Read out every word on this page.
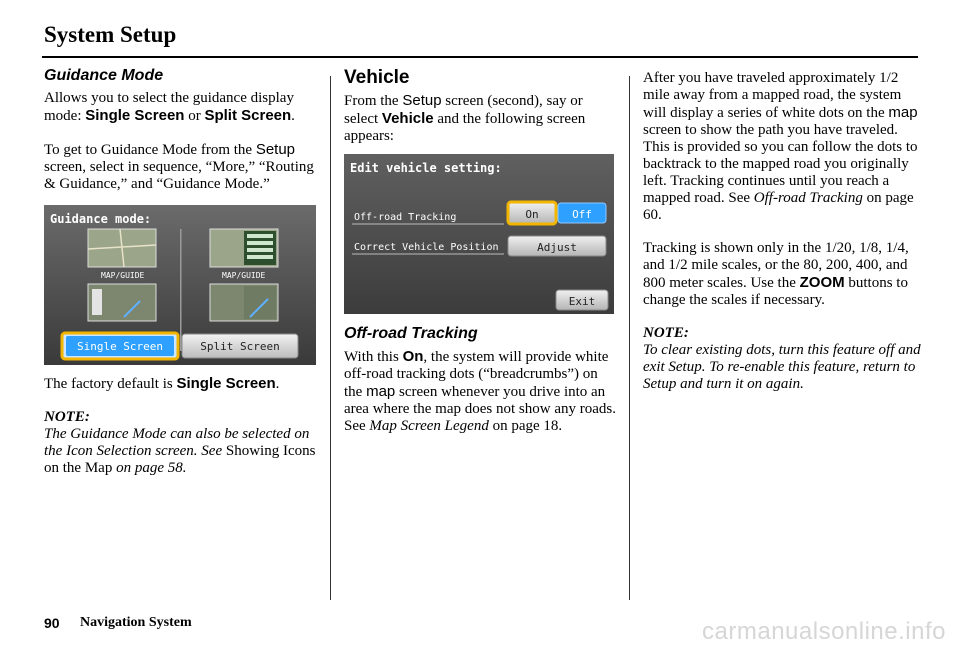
System Setup
Guidance Mode

Allows you to select the guidance display mode: Single Screen or Split Screen.

To get to Guidance Mode from the Setup screen, select in sequence, “More,” “Routing & Guidance,” and “Guidance Mode.”

Guidance mode:
MAP/GUIDE	MAP/GUIDE
Single Screen	Split Screen

The factory default is Single Screen.

NOTE:

The Guidance Mode can also be selected on the Icon Selection screen. See Showing Icons on the Map on page 58.

Vehicle

From the Setup screen (second), say or select Vehicle and the following screen appears:

Edit vehicle setting:
Off-road Tracking	On	Off
Correct Vehicle Position	Adjust
Exit
Off-road Tracking

With this On, the system will provide white off-road tracking dots (“breadcrumbs”) on the map screen whenever you drive into an area where the map does not show any roads.
See Map Screen Legend on page 18.

After you have traveled approximately 1/2 mile away from a mapped road, the system will display a series of white dots on the map screen to show the path you have traveled. This is provided so you can follow the dots to backtrack to the mapped road you originally left. Tracking continues until you reach a mapped road. See Off-road Tracking on page 60.

Tracking is shown only in the 1/20, 1/8, 1/4, and 1/2 mile scales, or the 80, 200, 400, and 800 meter scales. Use the ZOOM buttons to change the scales if necessary.

NOTE:

To clear existing dots, turn this feature off and exit Setup. To re-enable this feature, return to Setup and turn it on again.

90 Navigation System	carmanualsonline.info
